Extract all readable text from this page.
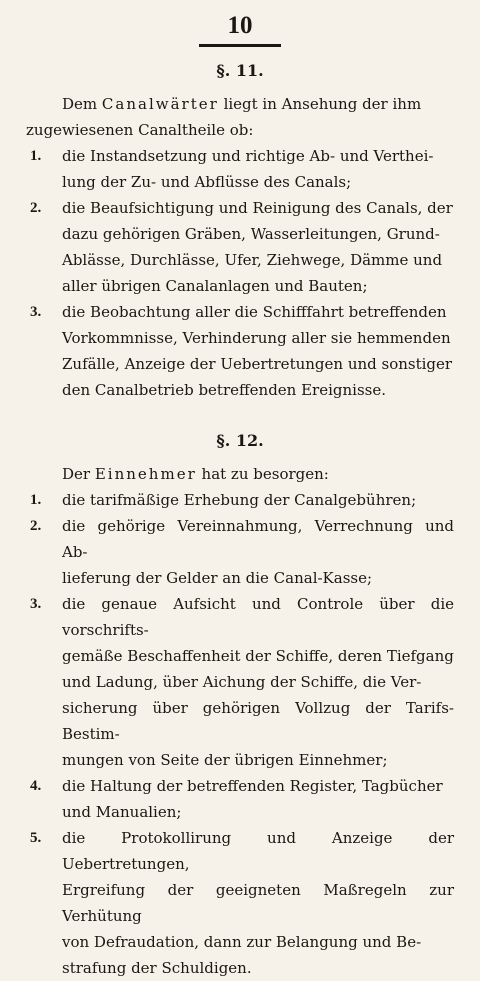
10
§. 11.

Dem Canalwärter liegt in Ansehung der ihm
zugewiesenen Canaltheile ob:

1.	die Instandsetzung und richtige Ab- und Verthei-
lung der Zu- und Abflüsse des Canals;
2.	die Beaufsichtigung und Reinigung des Canals, der
dazu gehörigen Gräben, Wasserleitungen, Grund-
Ablässe, Durchlässe, Ufer, Ziehwege, Dämme und
aller übrigen Canalanlagen und Bauten;
3.	die Beobachtung aller die Schifffahrt betreffenden
Vorkommnisse, Verhinderung aller sie hemmenden
Zufälle, Anzeige der Uebertretungen und sonstiger
den Canalbetrieb betreffenden Ereignisse.
§. 12.

Der Einnehmer hat zu besorgen:

1.	die tarifmäßige Erhebung der Canalgebühren;
2.	die gehörige Vereinnahmung, Verrechnung und Ab-
lieferung der Gelder an die Canal-Kasse;
3.	die genaue Aufsicht und Controle über die vorschrifts-
gemäße Beschaffenheit der Schiffe, deren Tiefgang
und Ladung, über Aichung der Schiffe, die Ver-
sicherung über gehörigen Vollzug der Tarifs-Bestim-
mungen von Seite der übrigen Einnehmer;
4.	die Haltung der betreffenden Register, Tagbücher
und Manualien;
5.	die Protokollirung und Anzeige der Uebertretungen,
Ergreifung der geeigneten Maßregeln zur Verhütung
von Defraudation, dann zur Belangung und Be-
strafung der Schuldigen.
